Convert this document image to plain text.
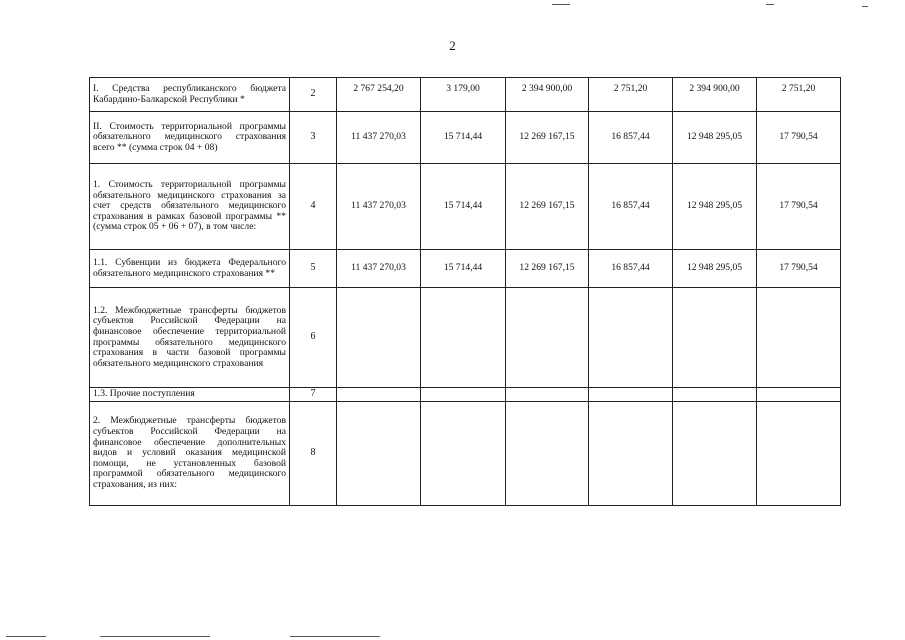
2
I. Средства республиканского бюджета Кабардино-Балкарской Республики *	2	2 767 254,20	3 179,00	2 394 900,00	2 751,20	2 394 900,00	2 751,20
II. Стоимость территориальной программы обязательного медицинского страхования всего ** (сумма строк 04 + 08)	3	11 437 270,03	15 714,44	12 269 167,15	16 857,44	12 948 295,05	17 790,54
1. Стоимость территориальной программы обязательного медицинского страхования за счет средств обязательного медицинского страхования в рамках базовой программы ** (сумма строк 05 + 06 + 07), в том числе:	4	11 437 270,03	15 714,44	12 269 167,15	16 857,44	12 948 295,05	17 790,54
1.1. Субвенции из бюджета Федерального обязательного медицинского страхования **	5	11 437 270,03	15 714,44	12 269 167,15	16 857,44	12 948 295,05	17 790,54
1.2. Межбюджетные трансферты бюджетов субъектов Российской Федерации на финансовое обеспечение территориальной программы обязательного медицинского страхования в части базовой программы обязательного медицинского страхования	6						
1.3. Прочие поступления	7						
2. Межбюджетные трансферты бюджетов субъектов Российской Федерации на финансовое обеспечение дополнительных видов и условий оказания медицинской помощи, не установленных базовой программой обязательного медицинского страхования, из них:	8						
